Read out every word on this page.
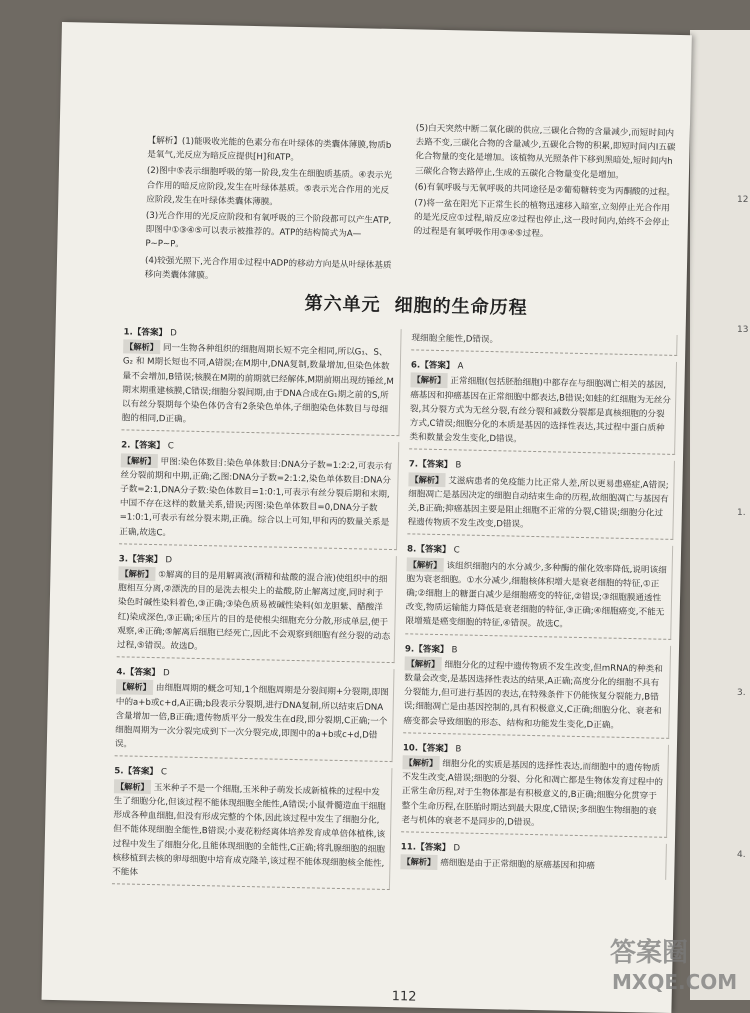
12
13
1.
3.
4.

【解析】(1)能吸收光能的色素分布在叶绿体的类囊体薄膜,物质b是氧气,光反应为暗反应提供[H]和ATP。

(2)图中⑤表示细胞呼吸的第一阶段,发生在细胞质基质。④表示光合作用的暗反应阶段,发生在叶绿体基质。⑤表示光合作用的光反应阶段,发生在叶绿体类囊体薄膜。

(3)光合作用的光反应阶段和有氧呼吸的三个阶段都可以产生ATP,即图中①③④⑤可以表示被推荐的。ATP的结构简式为A—P~P~P。

(4)较强光照下,光合作用①过程中ADP的移动方向是从叶绿体基质移向类囊体薄膜。

(5)白天突然中断二氧化碳的供应,三碳化合物的含量减少,而短时间内去路不变,三碳化合物的含量减少,五碳化合物的积累,即短时间内Ⅰ五碳化合物量的变化是增加。该植物从光照条件下移到黑暗处,短时间内h三碳化合物去路停止,生成的五碳化合物量变化是增加。

(6)有氧呼吸与无氧呼吸的共同途径是②葡萄糖转变为丙酮酸的过程。

(7)将一盆在阳光下正常生长的植物迅速移入暗室,立刻停止光合作用的是光反应①过程,暗反应②过程也停止,这一段时间内,始终不会停止的过程是有氧呼吸作用③④⑤过程。

第六单元 细胞的生命历程
1.【答案】 D
【解析】 同一生物各种组织的细胞周期长短不完全相同,所以G₁、S、G₂ 和 M期长短也不同,A错误;在M期中,DNA复制,数量增加,但染色体数量不会增加,B错误;核膜在M期的前期就已经解体,M期前期出现纺锤丝,M期末期重建核膜,C错误;细胞分裂间期,由于DNA合成在G₁期之前的S,所以有丝分裂期每个染色体仍含有2条染色单体,子细胞染色体数目与母细胞的相同,D正确。
2.【答案】 C
【解析】 甲图:染色体数目:染色单体数目:DNA分子数=1:2:2,可表示有丝分裂前期和中期,正确;乙图:DNA分子数=2:1:2,染色单体数目:DNA分子数=2:1,DNA分子数:染色体数目=1:0:1,可表示有丝分裂后期和末期,中国不存在这样的数量关系,错误;丙图:染色单体数目=0,DNA分子数=1:0:1,可表示有丝分裂末期,正确。综合以上可知,甲和丙的数量关系是正确,故选C。
3.【答案】 D
【解析】 ①解离的目的是用解离液(酒精和盐酸的混合液)使组织中的细胞相互分离,②漂洗的目的是洗去根尖上的盐酸,防止解离过度,同时利于染色时碱性染料着色,③正确;③染色质易被碱性染料(如龙胆紫、醋酸洋红)染成深色,③正确;④压片的目的是使根尖细胞充分分散,形成单层,便于观察,④正确;⑤解离后细胞已经死亡,因此不会观察到细胞有丝分裂的动态过程,⑤错误。故选D。
4.【答案】 D
【解析】 由细胞周期的概念可知,1个细胞周期是分裂间期+分裂期,即图中的a+b或c+d,A正确;b段表示分裂期,进行DNA复制,所以结束后DNA含量增加一倍,B正确;遗传物质平分一般发生在d段,即分裂期,C正确;一个细胞周期为一次分裂完成到下一次分裂完成,即图中的a+b或c+d,D错误。
5.【答案】 C
【解析】 玉米种子不是一个细胞,玉米种子萌发长成新植株的过程中发生了细胞分化,但该过程不能体现细胞全能性,A错误;小鼠骨髓造血干细胞形成各种血细胞,但没有形成完整的个体,因此该过程中发生了细胞分化,但不能体现细胞全能性,B错误;小麦花粉经离体培养发育成单倍体植株,该过程中发生了细胞分化,且能体现细胞的全能性,C正确;将乳腺细胞的细胞核移植到去核的卵母细胞中培育成克隆羊,该过程不能体现细胞核全能性,不能体
现细胞全能性,D错误。
6.【答案】 A
【解析】 正常细胞(包括胚胎细胞)中都存在与细胞凋亡相关的基因,癌基因和抑癌基因在正常细胞中都表达,B错误;如蛙的红细胞为无丝分裂,其分裂方式为无丝分裂,有丝分裂和减数分裂都是真核细胞的分裂方式,C错误;细胞分化的本质是基因的选择性表达,其过程中蛋白质种类和数量会发生变化,D错误。
7.【答案】 B
【解析】 艾滋病患者的免疫能力比正常人差,所以更易患癌症,A错误;细胞凋亡是基因决定的细胞自动结束生命的历程,故细胞凋亡与基因有关,B正确;抑癌基因主要是阻止细胞不正常的分裂,C错误;细胞分化过程遗传物质不发生改变,D错误。
8.【答案】 C
【解析】 该组织细胞内的水分减少,多种酶的催化效率降低,说明该细胞为衰老细胞。①水分减少,细胞核体积增大是衰老细胞的特征,①正确;②细胞上的糖蛋白减少是细胞癌变的特征,②错误;③细胞膜通透性改变,物质运输能力降低是衰老细胞的特征,③正确;④细胞癌变,不能无限增殖是癌变细胞的特征,④错误。故选C。
9.【答案】 B
【解析】 细胞分化的过程中遗传物质不发生改变,但mRNA的种类和数量会改变,是基因选择性表达的结果,A正确;高度分化的细胞不具有分裂能力,但可进行基因的表达,在特殊条件下仍能恢复分裂能力,B错误;细胞凋亡是由基因控制的,具有积极意义,C正确;细胞分化、衰老和癌变都会导致细胞的形态、结构和功能发生变化,D正确。
10.【答案】 B
【解析】 细胞分化的实质是基因的选择性表达,而细胞中的遗传物质不发生改变,A错误;细胞的分裂、分化和凋亡都是生物体发育过程中的正常生命历程,对于生物体都是有积极意义的,B正确;细胞分化贯穿于整个生命历程,在胚胎时期达到最大限度,C错误;多细胞生物细胞的衰老与机体的衰老不是同步的,D错误。
11.【答案】 D
【解析】 癌细胞是由于正常细胞的原癌基因和抑癌
112
答案圈
MXQE.COM
